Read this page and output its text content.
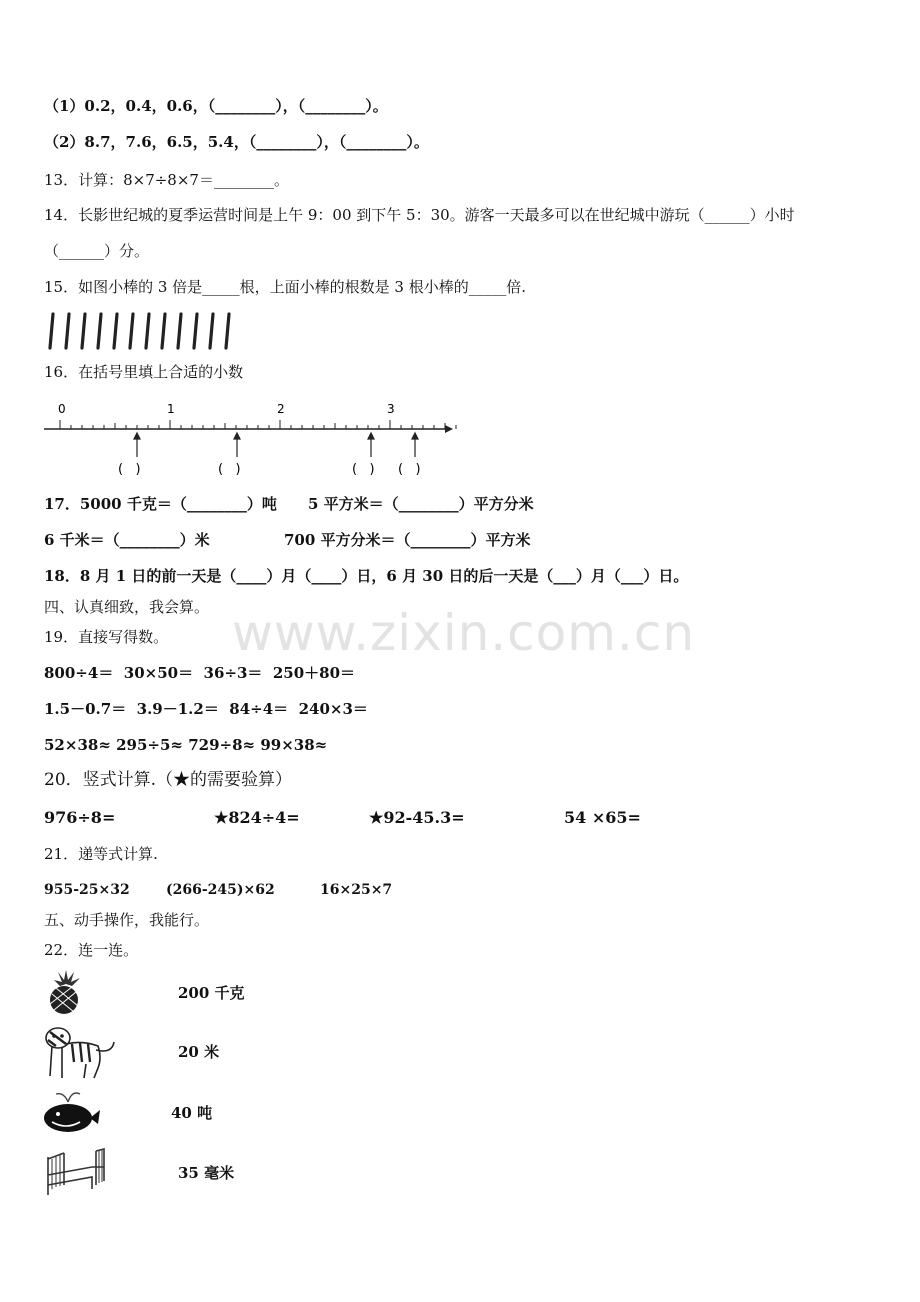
www.zixin.com.cn
（1）0.2，0.4，0.6，（________），（________）。
（2）8.7，7.6，6.5，5.4，（________），（________）。
13．计算：8×7÷8×7＝________。
14．长影世纪城的夏季运营时间是上午 9：00 到下午 5：30。游客一天最多可以在世纪城中游玩（______）小时
（______）分。
15．如图小棒的 3 倍是_____根，上面小棒的根数是 3 根小棒的_____倍.
16．在括号里填上合适的小数
0	1	2	3
(   )	(   )	(   ) (   )
17．5000 千克＝（________）吨 5 平方米＝（________）平方分米
6 千米＝（________）米	700 平方分米＝（________）平方米
18．8 月 1 日的前一天是（____）月（____）日，6 月 30 日的后一天是（___）月（___）日。
四、认真细致，我会算。
19．直接写得数。
800÷4＝  30×50＝  36÷3＝  250＋80＝
1.5－0.7＝  3.9－1.2＝  84÷4＝  240×3＝
52×38≈ 295÷5≈ 729÷8≈ 99×38≈
20．竖式计算.（★的需要验算）
976÷8=	★824÷4=	★92-45.3=	54 ×65=
21．递等式计算.
955-25×32	(266-245)×62	16×25×7
五、动手操作，我能行。
22．连一连。
200 千克
20 米
40 吨
35 毫米
